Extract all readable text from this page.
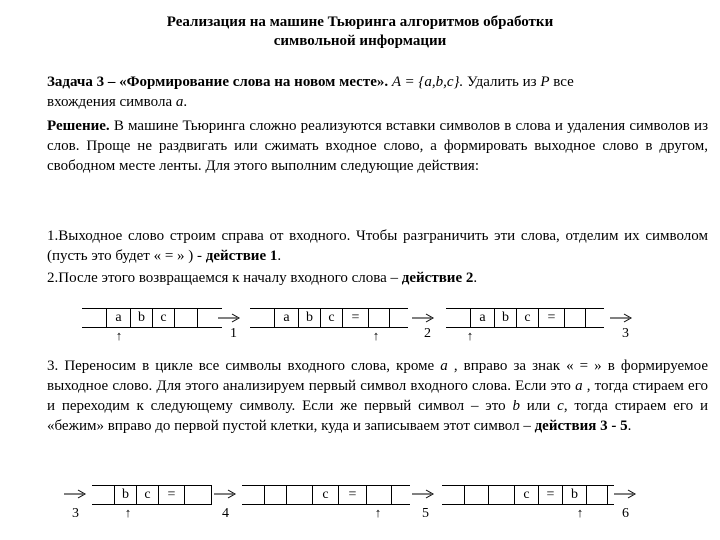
Реализация на машине Тьюринга алгоритмов обработки
символьной информации
Задача 3 – «Формирование слова на новом месте». A = {a,b,c}. Удалить из P все
вхождения символа a.
Решение. В машине Тьюринга сложно реализуются вставки символов в слова и удаления символов из слов. Проще не раздвигать или сжимать входное слово, а формировать выходное слово в другом, свободном месте ленты. Для этого выполним следующие действия:
1.Выходное слово строим справа от входного. Чтобы разграничить эти слова, отделим их символом (пусть это будет « = » ) - действие 1.
2.После этого возвращаемся к началу входного слова – действие 2.
a	b	c
↑	1
a	b	c	=
↑	2
a	b	c	=
↑	3
3. Переносим в цикле все символы входного слова, кроме a , вправо за знак « = » в формируемое выходное слово. Для этого анализируем первый символ входного слова. Если это a , тогда стираем его и переходим к следующему символу. Если же первый символ – это b или c, тогда стираем его и «бежим» вправо до первой пустой клетки, куда и записываем этот символ – действия 3 - 5.
3
b	c	=
↑	4
c	=
↑	5
c	=	b
↑	6
